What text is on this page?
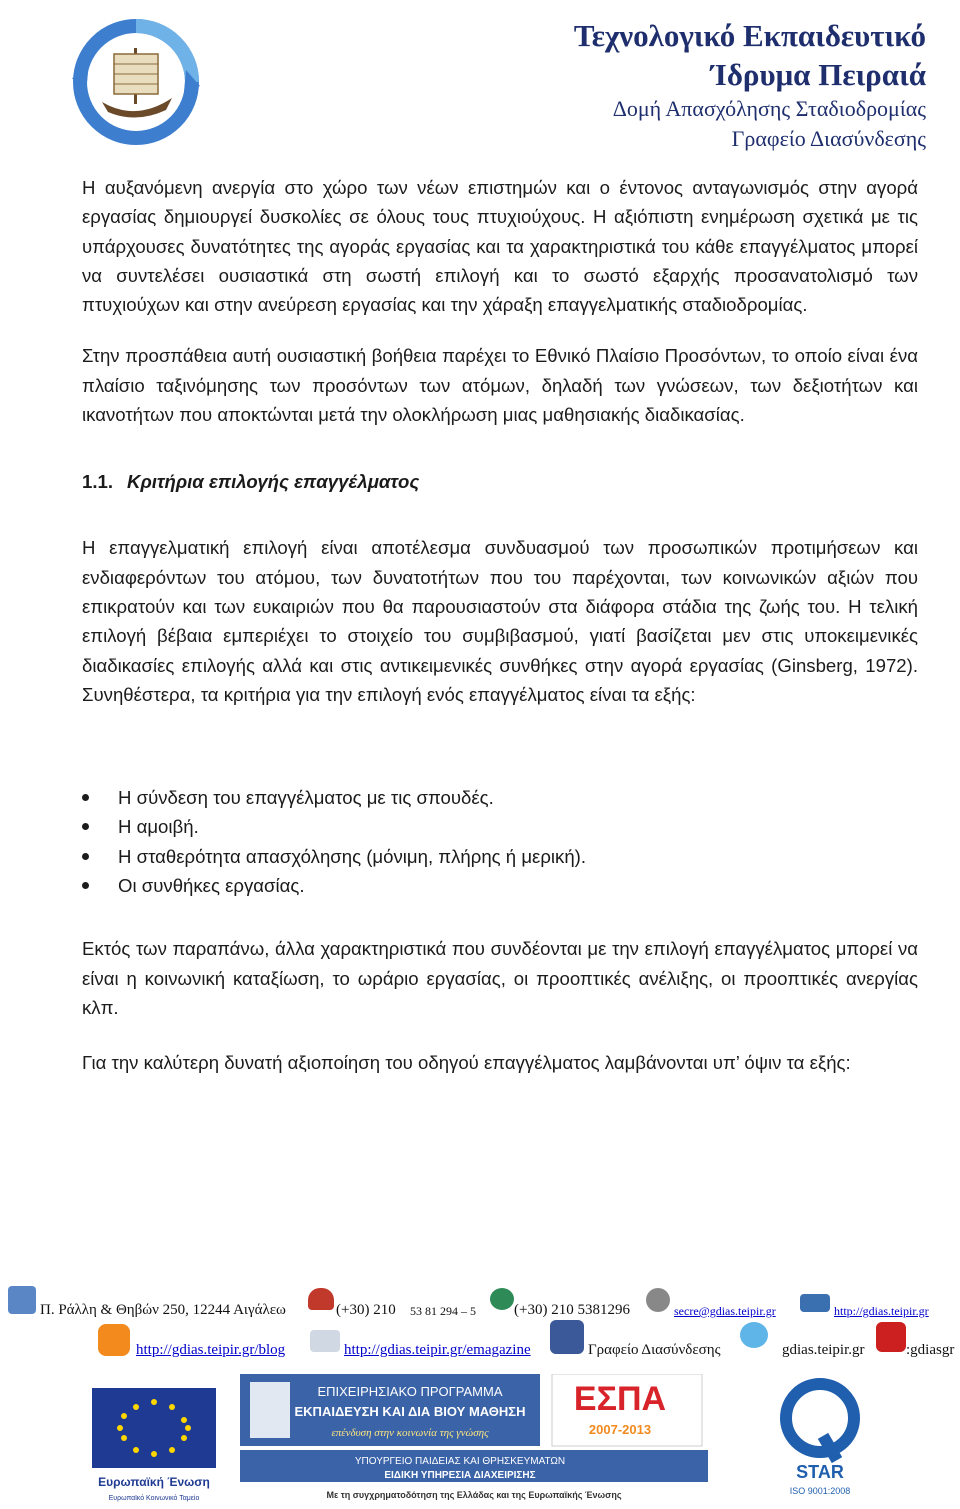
Τεχνολογικό Εκπαιδευτικό
Ίδρυμα Πειραιά
Δομή Απασχόλησης Σταδιοδρομίας
Γραφείο Διασύνδεσης

Η αυξανόμενη ανεργία στο χώρο των νέων επιστημών και ο έντονος ανταγωνισμός στην αγορά εργασίας δημιουργεί δυσκολίες σε όλους τους πτυχιούχους. Η αξιόπιστη ενημέρωση σχετικά με τις υπάρχουσες δυνατότητες της αγοράς εργασίας και τα χαρακτηριστικά του κάθε επαγγέλματος μπορεί να συντελέσει ουσιαστικά στη σωστή επιλογή και το σωστό εξαρχής προσανατολισμό των πτυχιούχων και στην ανεύρεση εργασίας και την χάραξη επαγγελματικής σταδιοδρομίας.

Στην προσπάθεια αυτή ουσιαστική βοήθεια παρέχει το Εθνικό Πλαίσιο Προσόντων, το οποίο είναι ένα πλαίσιο ταξινόμησης των προσόντων των ατόμων, δηλαδή των γνώσεων, των δεξιοτήτων και ικανοτήτων που αποκτώνται μετά την ολοκλήρωση μιας μαθησιακής διαδικασίας.

1.1. Κριτήρια επιλογής επαγγέλματος

Η επαγγελματική επιλογή είναι αποτέλεσμα συνδυασμού των προσωπικών προτιμήσεων και ενδιαφερόντων του ατόμου, των δυνατοτήτων που του παρέχονται, των κοινωνικών αξιών που επικρατούν και των ευκαιριών που θα παρουσιαστούν στα διάφορα στάδια της ζωής του. Η τελική επιλογή βέβαια εμπεριέχει το στοιχείο του συμβιβασμού, γιατί βασίζεται μεν στις υποκειμενικές διαδικασίες επιλογής αλλά και στις αντικειμενικές συνθήκες στην αγορά εργασίας (Ginsberg, 1972). Συνηθέστερα, τα κριτήρια για την επιλογή ενός επαγγέλματος είναι τα εξής:

Η σύνδεση του επαγγέλματος με τις σπουδές.
Η αμοιβή.
Η σταθερότητα απασχόλησης (μόνιμη, πλήρης ή μερική).
Οι συνθήκες εργασίας.

Εκτός των παραπάνω, άλλα χαρακτηριστικά που συνδέονται με την επιλογή επαγγέλματος μπορεί να είναι η κοινωνική καταξίωση, το ωράριο εργασίας, οι προοπτικές ανέλιξης, οι προοπτικές ανεργίας κλπ.

Για την καλύτερη δυνατή αξιοποίηση του οδηγού επαγγέλματος λαμβάνονται υπ’ όψιν τα εξής:

Π. Ράλλη & Θηβών 250, 12244 Αιγάλεω	(+30) 210 53 81 294 – 5	(+30) 210 5381296	secre@gdias.teipir.gr	http://gdias.teipir.gr
http://gdias.teipir.gr/blog	http://gdias.teipir.gr/emagazine	Γραφείο Διασύνδεσης	gdias.teipir.gr	:gdiasgr
Ευρωπαϊκή Ένωση
Ευρωπαϊκό Κοινωνικό Ταμείο
ΕΠΙΧΕΙΡΗΣΙΑΚΟ ΠΡΟΓΡΑΜΜΑ
ΕΚΠΑΙΔΕΥΣΗ ΚΑΙ ΔΙΑ ΒΙΟΥ ΜΑΘΗΣΗ
επένδυση στην κοινωνία της γνώσης
ΕΣΠΑ
2007-2013
ΥΠΟΥΡΓΕΙΟ ΠΑΙΔΕΙΑΣ ΚΑΙ ΘΡΗΣΚΕΥΜΑΤΩΝ
ΕΙΔΙΚΗ ΥΠΗΡΕΣΙΑ ΔΙΑΧΕΙΡΙΣΗΣ
Με τη συγχρηματοδότηση της Ελλάδας και της Ευρωπαϊκής Ένωσης
STAR
ISO 9001:2008
